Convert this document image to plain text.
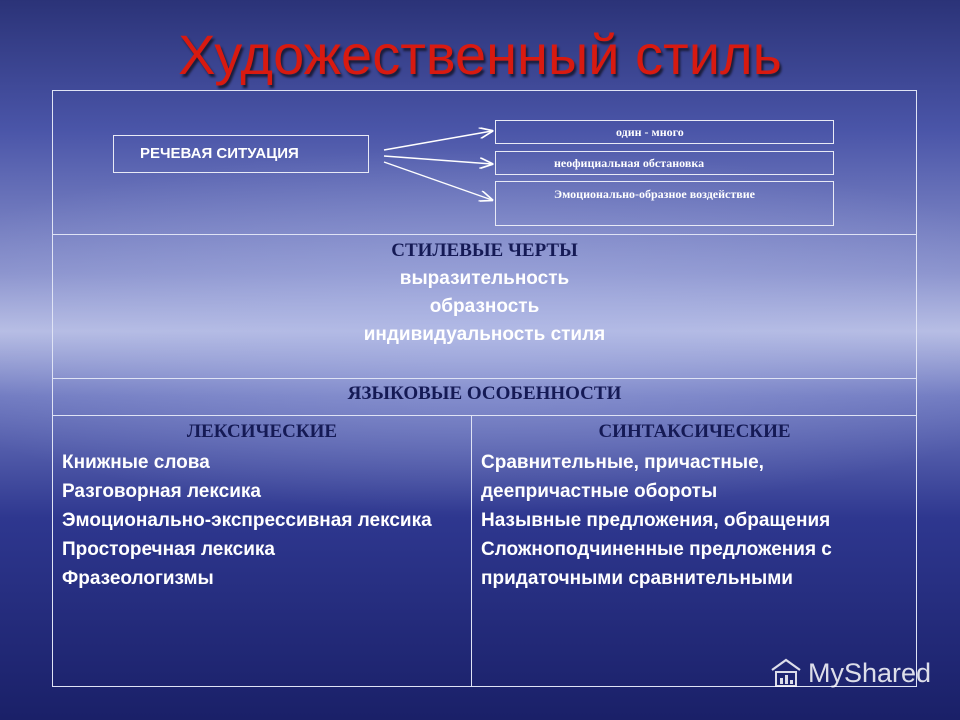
Художественный стиль
РЕЧЕВАЯ СИТУАЦИЯ
один - много
неофициальная обстановка
Эмоционально-образное воздействие
СТИЛЕВЫЕ ЧЕРТЫ
выразительность
образность
индивидуальность стиля
ЯЗЫКОВЫЕ ОСОБЕННОСТИ
ЛЕКСИЧЕСКИЕ	СИНТАКСИЧЕСКИЕ
Книжные слова
Разговорная лексика
Эмоционально-экспрессивная лексика
Просторечная лексика
Фразеологизмы
Сравнительные, причастные, деепричастные обороты
Назывные предложения, обращения
Сложноподчиненные предложения с придаточными сравнительными
MyShared
